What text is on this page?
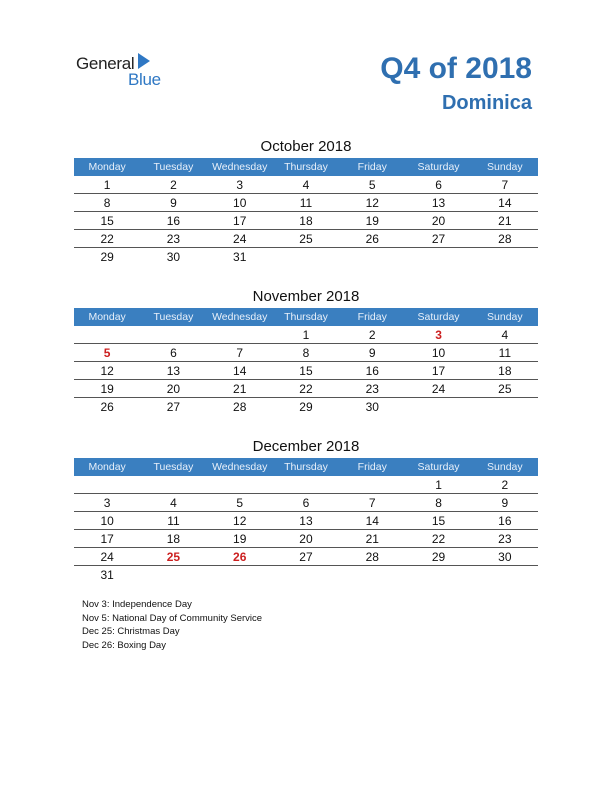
General
Blue	Q4 of 2018
Dominica
October 2018
Monday	Tuesday	Wednesday	Thursday	Friday	Saturday	Sunday
1	2	3	4	5	6	7
8	9	10	11	12	13	14
15	16	17	18	19	20	21
22	23	24	25	26	27	28
29	30	31				
November 2018
Monday	Tuesday	Wednesday	Thursday	Friday	Saturday	Sunday
			1	2	3	4
5	6	7	8	9	10	11
12	13	14	15	16	17	18
19	20	21	22	23	24	25
26	27	28	29	30		
December 2018
Monday	Tuesday	Wednesday	Thursday	Friday	Saturday	Sunday
					1	2
3	4	5	6	7	8	9
10	11	12	13	14	15	16
17	18	19	20	21	22	23
24	25	26	27	28	29	30
31						
Nov 3: Independence Day
Nov 5: National Day of Community Service
Dec 25: Christmas Day
Dec 26: Boxing Day
